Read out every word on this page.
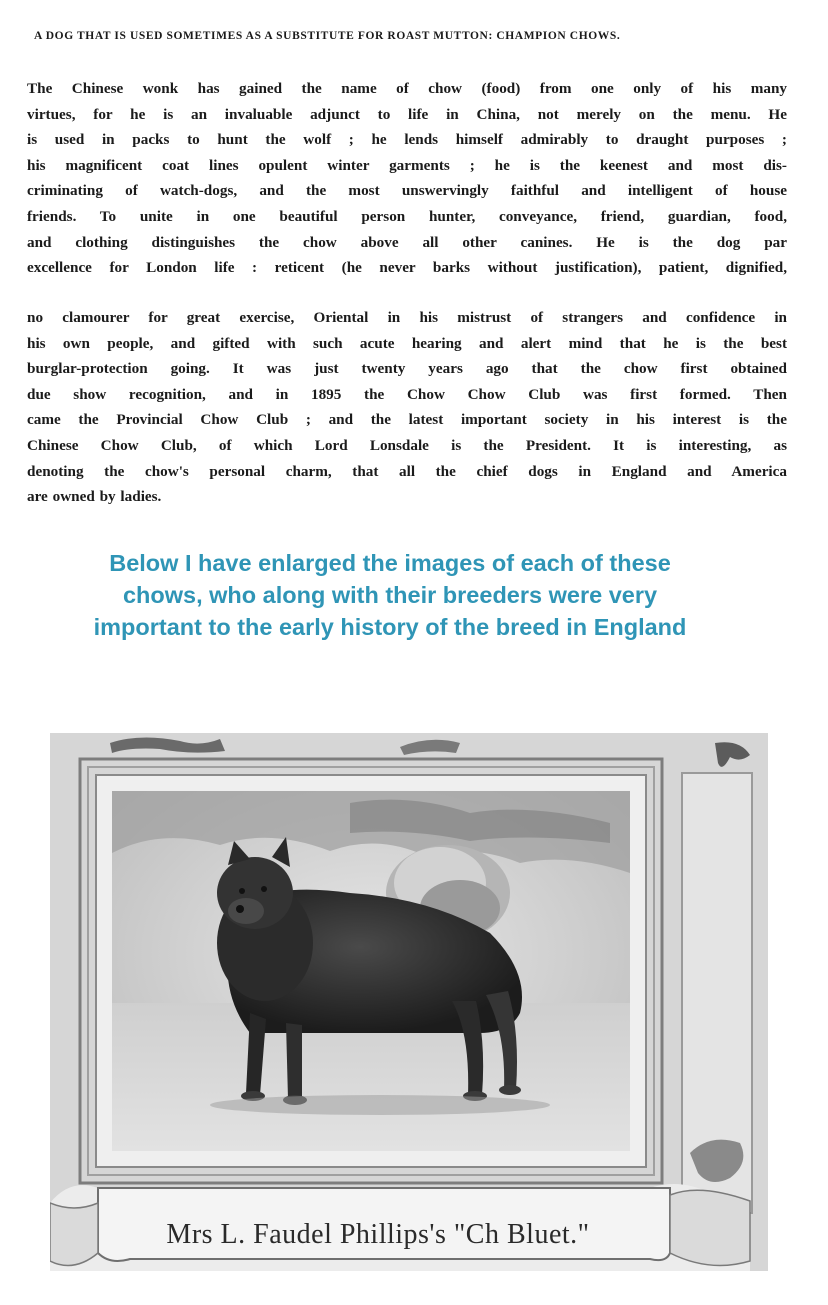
A DOG THAT IS USED SOMETIMES AS A SUBSTITUTE FOR ROAST MUTTON: CHAMPION CHOWS.
The Chinese wonk has gained the name of chow (food) from one only of his many
virtues, for he is an invaluable adjunct to life in China, not merely on the menu. He
is used in packs to hunt the wolf ; he lends himself admirably to draught purposes ;
his magnificent coat lines opulent winter garments ; he is the keenest and most dis-
criminating of watch-dogs, and the most unswervingly faithful and intelligent of house
friends. To unite in one beautiful person hunter, conveyance, friend, guardian, food,
and clothing distinguishes the chow above all other canines. He is the dog par
excellence for London life : reticent (he never barks without justification), patient, dignified,
no clamourer for great exercise, Oriental in his mistrust of strangers and confidence in
his own people, and gifted with such acute hearing and alert mind that he is the best
burglar-protection going. It was just twenty years ago that the chow first obtained
due show recognition, and in 1895 the Chow Chow Club was first formed. Then
came the Provincial Chow Club ; and the latest important society in his interest is the
Chinese Chow Club, of which Lord Lonsdale is the President. It is interesting, as
denoting the chow's personal charm, that all the chief dogs in England and America
are owned by ladies.
Below I have enlarged the images of each of these
chows, who along with their breeders were very
important to the early history of the breed in England
Mrs L. Faudel Phillips's "Ch Bluet."
